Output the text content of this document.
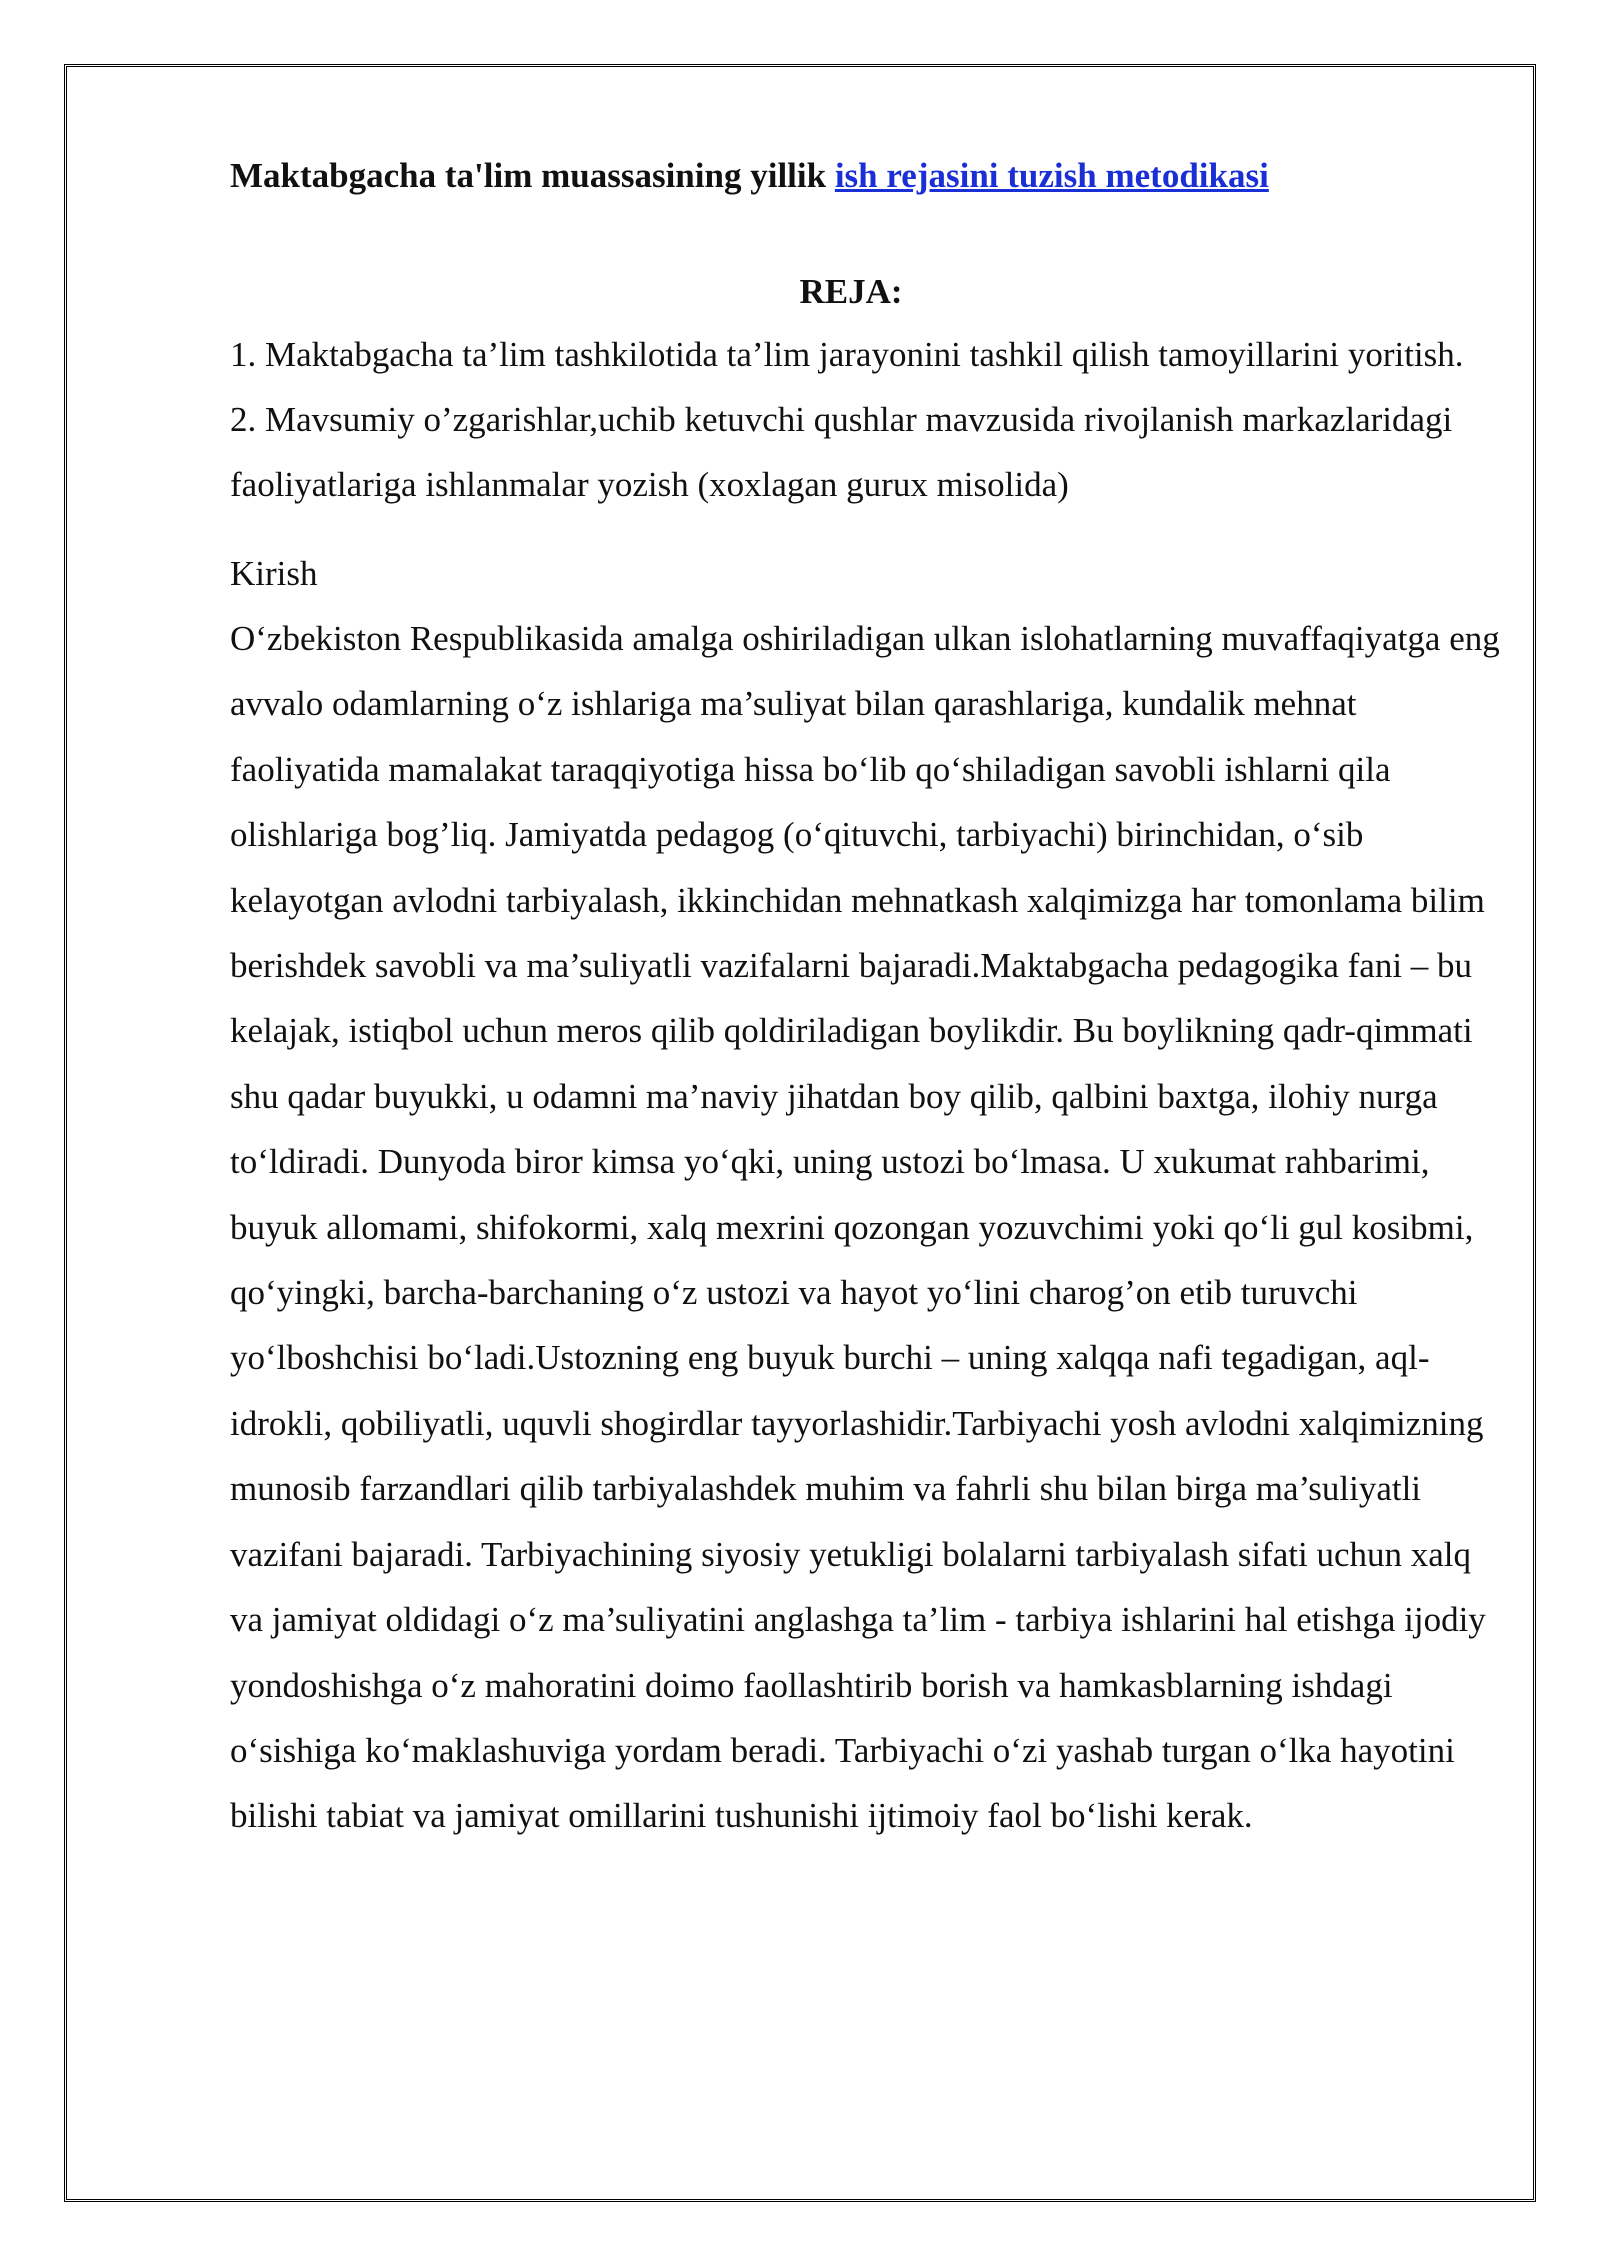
Maktabgacha ta'lim muassasining yillik ish rejasini tuzish metodikasi

REJA:

1. Maktabgacha ta’lim tashkilotida ta’lim jarayonini tashkil qilish tamoyillarini yoritish.

2. Mavsumiy o’zgarishlar,uchib ketuvchi qushlar mavzusida rivojlanish markazlaridagi faoliyatlariga ishlanmalar yozish (xoxlagan gurux misolida)

Kirish

O‘zbekiston Respublikasida amalga oshiriladigan ulkan islohatlarning muvaffaqiyatga eng avvalo odamlarning o‘z ishlariga ma’suliyat bilan qarashlariga, kundalik mehnat faoliyatida mamalakat taraqqiyotiga hissa bo‘lib qo‘shiladigan savobli ishlarni qila olishlariga bog’liq. Jamiyatda pedagog (o‘qituvchi, tarbiyachi) birinchidan, o‘sib kelayotgan avlodni tarbiyalash, ikkinchidan mehnatkash xalqimizga har tomonlama bilim berishdek savobli va ma’suliyatli vazifalarni bajaradi.Maktabgacha pedagogika fani – bu kelajak, istiqbol uchun meros qilib qoldiriladigan boylikdir. Bu boylikning qadr-qimmati shu qadar buyukki, u odamni ma’naviy jihatdan boy qilib, qalbini baxtga, ilohiy nurga to‘ldiradi. Dunyoda biror kimsa yo‘qki, uning ustozi bo‘lmasa. U xukumat rahbarimi, buyuk allomami, shifokormi, xalq mexrini qozongan yozuvchimi yoki qo‘li gul kosibmi, qo‘yingki, barcha-barchaning o‘z ustozi va hayot yo‘lini charog’on etib turuvchi yo‘lboshchisi bo‘ladi.Ustozning eng buyuk burchi – uning xalqqa nafi tegadigan, aql-idrokli, qobiliyatli, uquvli shogirdlar tayyorlashidir.Tarbiyachi yosh avlodni xalqimizning munosib farzandlari qilib tarbiyalashdek muhim va fahrli shu bilan birga ma’suliyatli vazifani bajaradi. Tarbiyachining siyosiy yetukligi bolalarni tarbiyalash sifati uchun xalq va jamiyat oldidagi o‘z ma’suliyatini anglashga ta’lim - tarbiya ishlarini hal etishga ijodiy yondoshishga o‘z mahoratini doimo faollashtirib borish va hamkasblarning ishdagi o‘sishiga ko‘maklashuviga yordam beradi. Tarbiyachi o‘zi yashab turgan o‘lka hayotini bilishi tabiat va jamiyat omillarini tushunishi ijtimoiy faol bo‘lishi kerak.
